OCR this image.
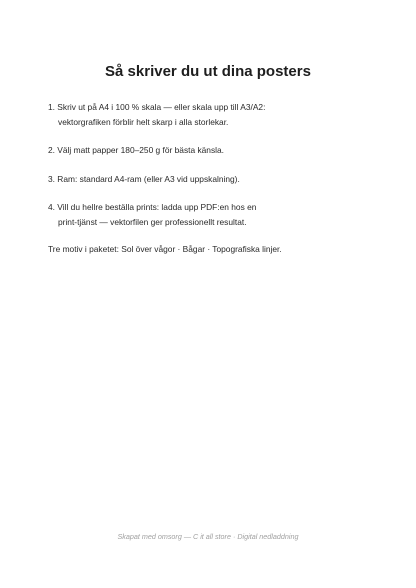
Så skriver du ut dina posters
1. Skriv ut på A4 i 100 % skala — eller skala upp till A3/A2:
vektorgrafiken förblir helt skarp i alla storlekar.
2. Välj matt papper 180–250 g för bästa känsla.
3. Ram: standard A4-ram (eller A3 vid uppskalning).
4. Vill du hellre beställa prints: ladda upp PDF:en hos en
print-tjänst — vektorfilen ger professionellt resultat.
Tre motiv i paketet: Sol över vågor · Bågar · Topografiska linjer.
Skapat med omsorg — C it all store · Digital nedladdning
